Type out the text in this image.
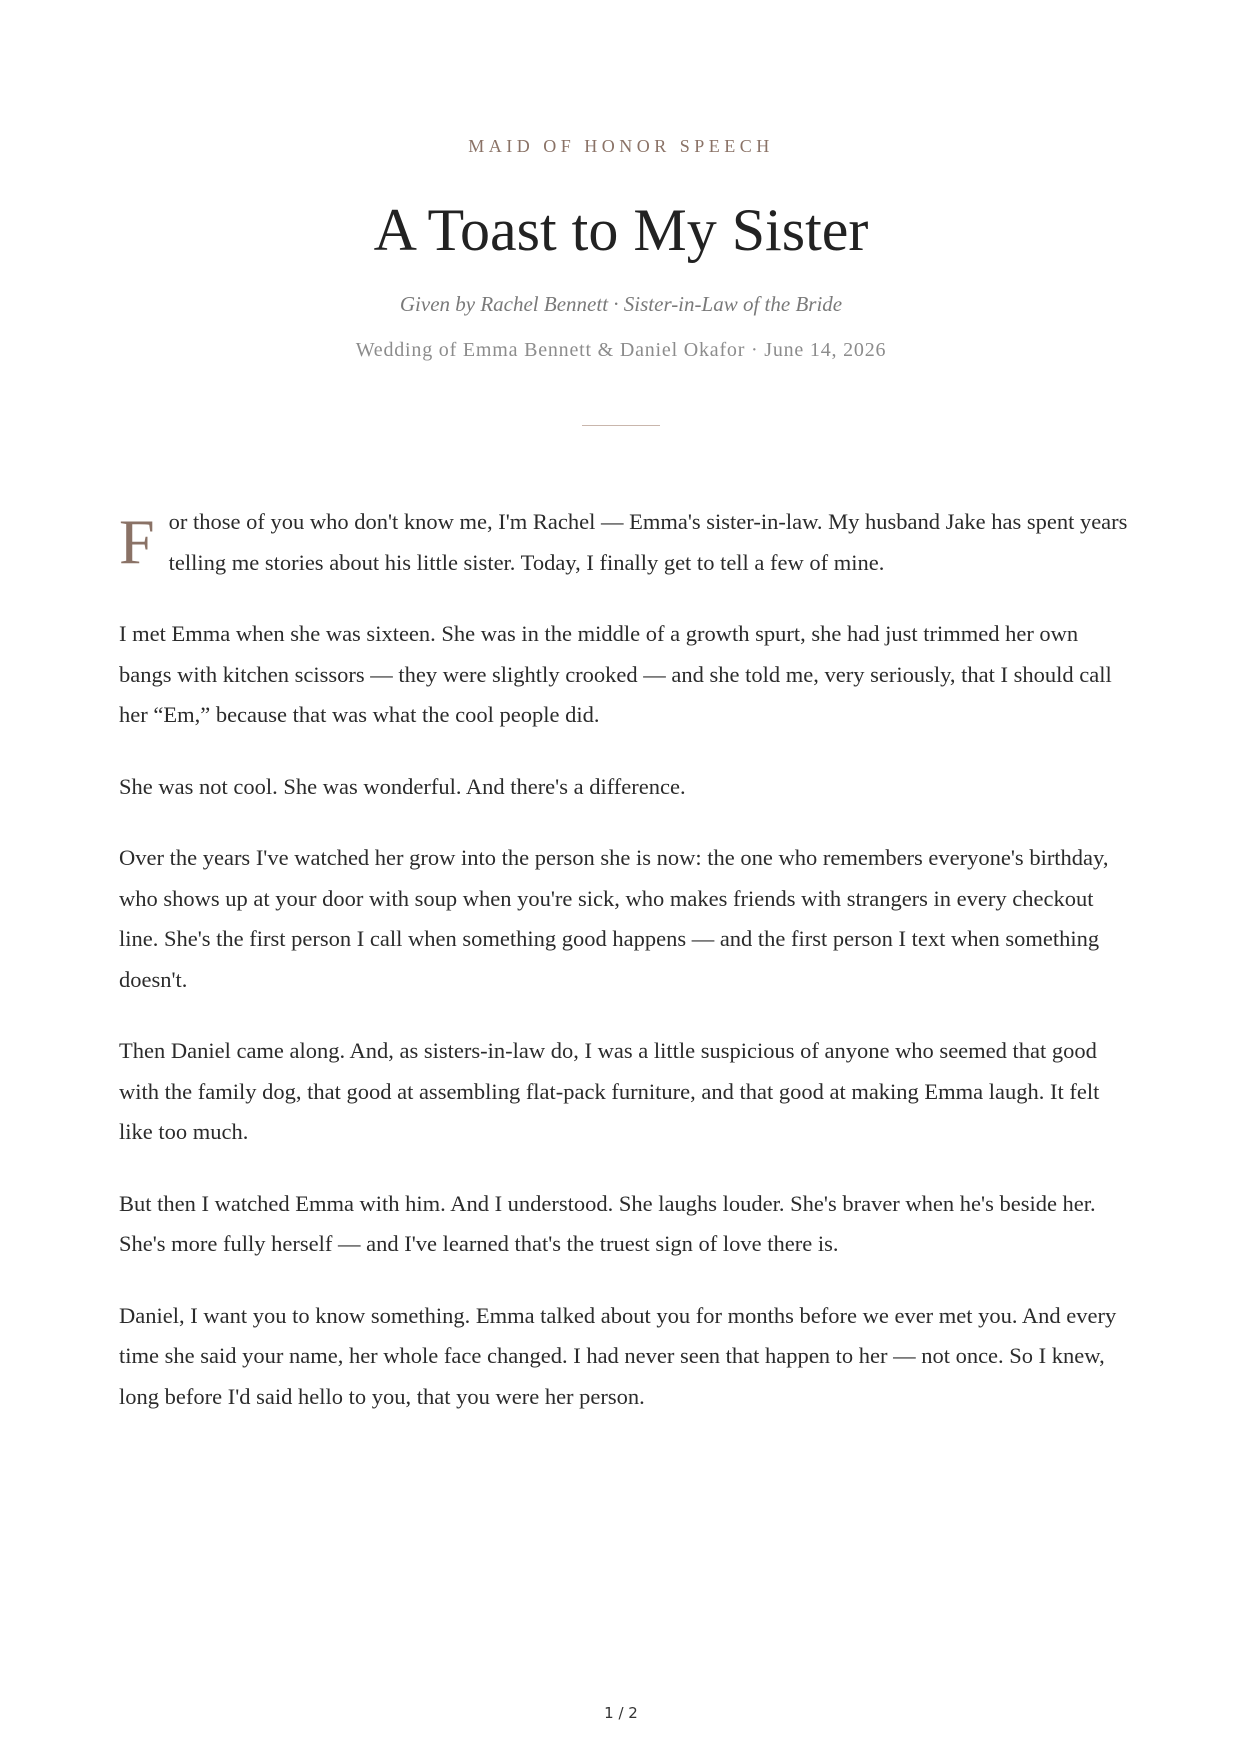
MAID OF HONOR SPEECH
A Toast to My Sister
Given by Rachel Bennett · Sister-in-Law of the Bride
Wedding of Emma Bennett & Daniel Okafor · June 14, 2026

For those of you who don't know me, I'm Rachel — Emma's sister-in-law. My husband Jake has spent years telling me stories about his little sister. Today, I finally get to tell a few of mine.

I met Emma when she was sixteen. She was in the middle of a growth spurt, she had just trimmed her own bangs with kitchen scissors — they were slightly crooked — and she told me, very seriously, that I should call her “Em,” because that was what the cool people did.

She was not cool. She was wonderful. And there's a difference.

Over the years I've watched her grow into the person she is now: the one who remembers everyone's birthday, who shows up at your door with soup when you're sick, who makes friends with strangers in every checkout line. She's the first person I call when something good happens — and the first person I text when something doesn't.

Then Daniel came along. And, as sisters-in-law do, I was a little suspicious of anyone who seemed that good with the family dog, that good at assembling flat-pack furniture, and that good at making Emma laugh. It felt like too much.

But then I watched Emma with him. And I understood. She laughs louder. She's braver when he's beside her. She's more fully herself — and I've learned that's the truest sign of love there is.

Daniel, I want you to know something. Emma talked about you for months before we ever met you. And every time she said your name, her whole face changed. I had never seen that happen to her — not once. So I knew, long before I'd said hello to you, that you were her person.

1 / 2
